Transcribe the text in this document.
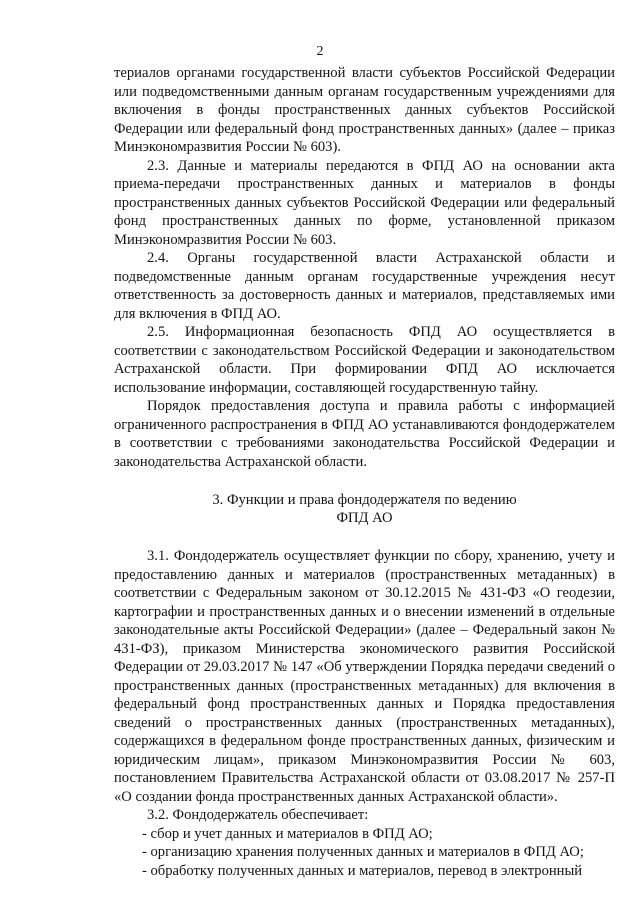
2

териалов органами государственной власти субъектов Российской Федерации или подведомственными данным органам государственным учреждениями для включения в фонды пространственных данных субъектов Российской Федерации или федеральный фонд пространственных данных» (далее – приказ Минэкономразвития России № 603).

2.3. Данные и материалы передаются в ФПД АО на основании акта приема-передачи пространственных данных и материалов в фонды пространственных данных субъектов Российской Федерации или федеральный фонд пространственных данных по форме, установленной приказом Минэкономразвития России № 603.

2.4. Органы государственной власти Астраханской области и подведомственные данным органам государственные учреждения несут ответственность за достоверность данных и материалов, представляемых ими для включения в ФПД АО.

2.5. Информационная безопасность ФПД АО осуществляется в соответствии с законодательством Российской Федерации и законодательством Астраханской области. При формировании ФПД АО исключается использование информации, составляющей государственную тайну.

Порядок предоставления доступа и правила работы с информацией ограниченного распространения в ФПД АО устанавливаются фондодержателем в соответствии с требованиями законодательства Российской Федерации и законодательства Астраханской области.

3. Функции и права фондодержателя по ведению
ФПД АО

3.1. Фондодержатель осуществляет функции по сбору, хранению, учету и предоставлению данных и материалов (пространственных метаданных) в соответствии с Федеральным законом от 30.12.2015 № 431-ФЗ «О геодезии, картографии и пространственных данных и о внесении изменений в отдельные законодательные акты Российской Федерации» (далее – Федеральный закон № 431-ФЗ), приказом Министерства экономического развития Российской Федерации от 29.03.2017 № 147 «Об утверждении Порядка передачи сведений о пространственных данных (пространственных метаданных) для включения в федеральный фонд пространственных данных и Порядка предоставления сведений о пространственных данных (пространственных метаданных), содержащихся в федеральном фонде пространственных данных, физическим и юридическим лицам», приказом Минэкономразвития России № 603, постановлением Правительства Астраханской области от 03.08.2017 № 257-П «О создании фонда пространственных данных Астраханской области».

3.2. Фондодержатель обеспечивает:

- сбор и учет данных и материалов в ФПД АО;

- организацию хранения полученных данных и материалов в ФПД АО;

- обработку полученных данных и материалов, перевод в электронный
